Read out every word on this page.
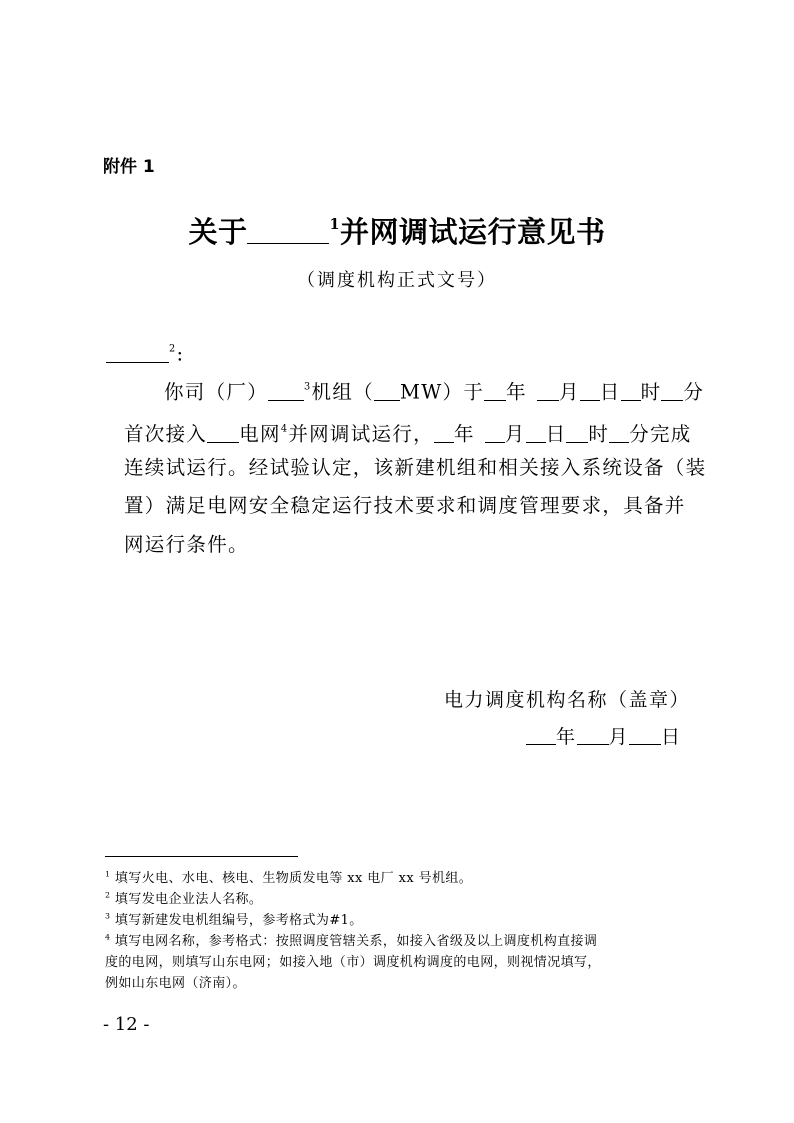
附件 1
关于	$^1$并网调试运行意见书
（调度机构正式文号）
$^2$:
你司（厂）	$^3$机组（ MW）于 年 月 日 时 分
首次接入 电网$^4$并网调试运行， 年 月 日 时 分完成
连续试运行。经试验认定，该新建机组和相关接入系统设备（装
置）满足电网安全稳定运行技术要求和调度管理要求，具备并
网运行条件。
电力调度机构名称（盖章）
年 月 日
$^1$ 填写火电、水电、核电、生物质发电等 xx 电厂 xx 号机组。
$^2$ 填写发电企业法人名称。
$^3$ 填写新建发电机组编号，参考格式为#1。
$^4$ 填写电网名称，参考格式：按照调度管辖关系，如接入省级及以上调度机构直接调
度的电网，则填写山东电网；如接入地（市）调度机构调度的电网，则视情况填写，
例如山东电网（济南）。
- 12 -
